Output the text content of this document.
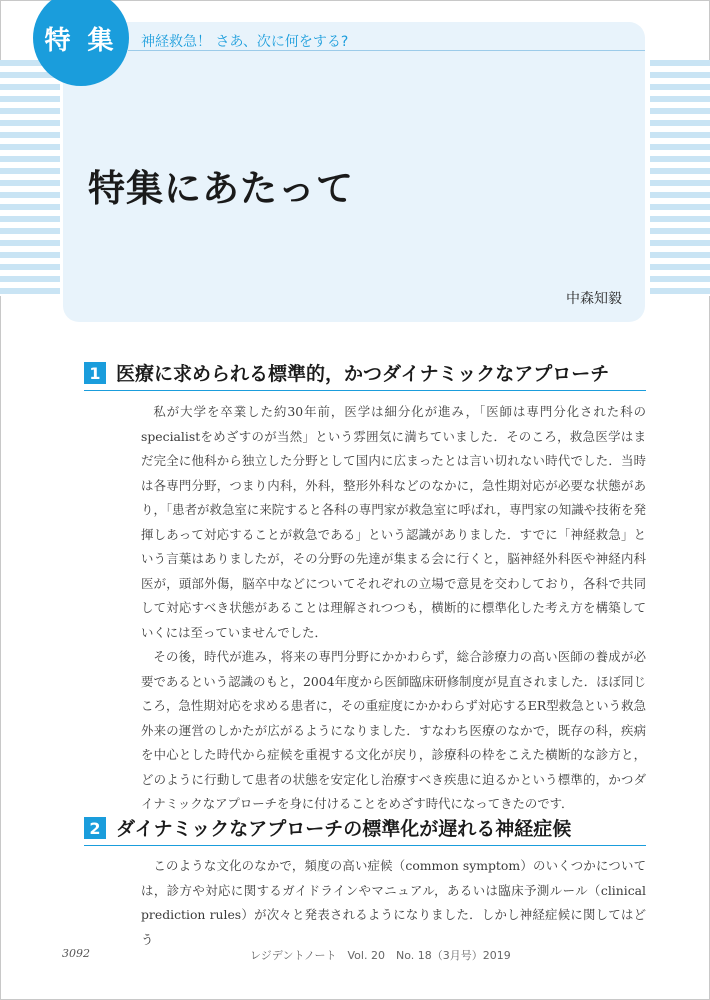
特 集	神経救急！ さあ、次に何をする?
特集にあたって
中森知毅
1 医療に求められる標準的，かつダイナミックなアプローチ

私が大学を卒業した約30年前，医学は細分化が進み，「医師は専門分化された科のspecialistをめざすのが当然」という雰囲気に満ちていました．そのころ，救急医学はまだ完全に他科から独立した分野として国内に広まったとは言い切れない時代でした．当時は各専門分野，つまり内科，外科，整形外科などのなかに，急性期対応が必要な状態があり，「患者が救急室に来院すると各科の専門家が救急室に呼ばれ，専門家の知識や技術を発揮しあって対応することが救急である」という認識がありました．すでに「神経救急」という言葉はありましたが，その分野の先達が集まる会に行くと，脳神経外科医や神経内科医が，頭部外傷，脳卒中などについてそれぞれの立場で意見を交わしており，各科で共同して対応すべき状態があることは理解されつつも，横断的に標準化した考え方を構築していくには至っていませんでした．

その後，時代が進み，将来の専門分野にかかわらず，総合診療力の高い医師の養成が必要であるという認識のもと，2004年度から医師臨床研修制度が見直されました．ほぼ同じころ，急性期対応を求める患者に，その重症度にかかわらず対応するER型救急という救急外来の運営のしかたが広がるようになりました．すなわち医療のなかで，既存の科，疾病を中心とした時代から症候を重視する文化が戻り，診療科の枠をこえた横断的な診方と，どのように行動して患者の状態を安定化し治療すべき疾患に迫るかという標準的，かつダイナミックなアプローチを身に付けることをめざす時代になってきたのです．

2 ダイナミックなアプローチの標準化が遅れる神経症候

このような文化のなかで，頻度の高い症候（common symptom）のいくつかについては，診方や対応に関するガイドラインやマニュアル，あるいは臨床予測ルール（clinical prediction rules）が次々と発表されるようになりました．しかし神経症候に関してはどう

3092	レジデントノート　Vol. 20　No. 18（3月号）2019
